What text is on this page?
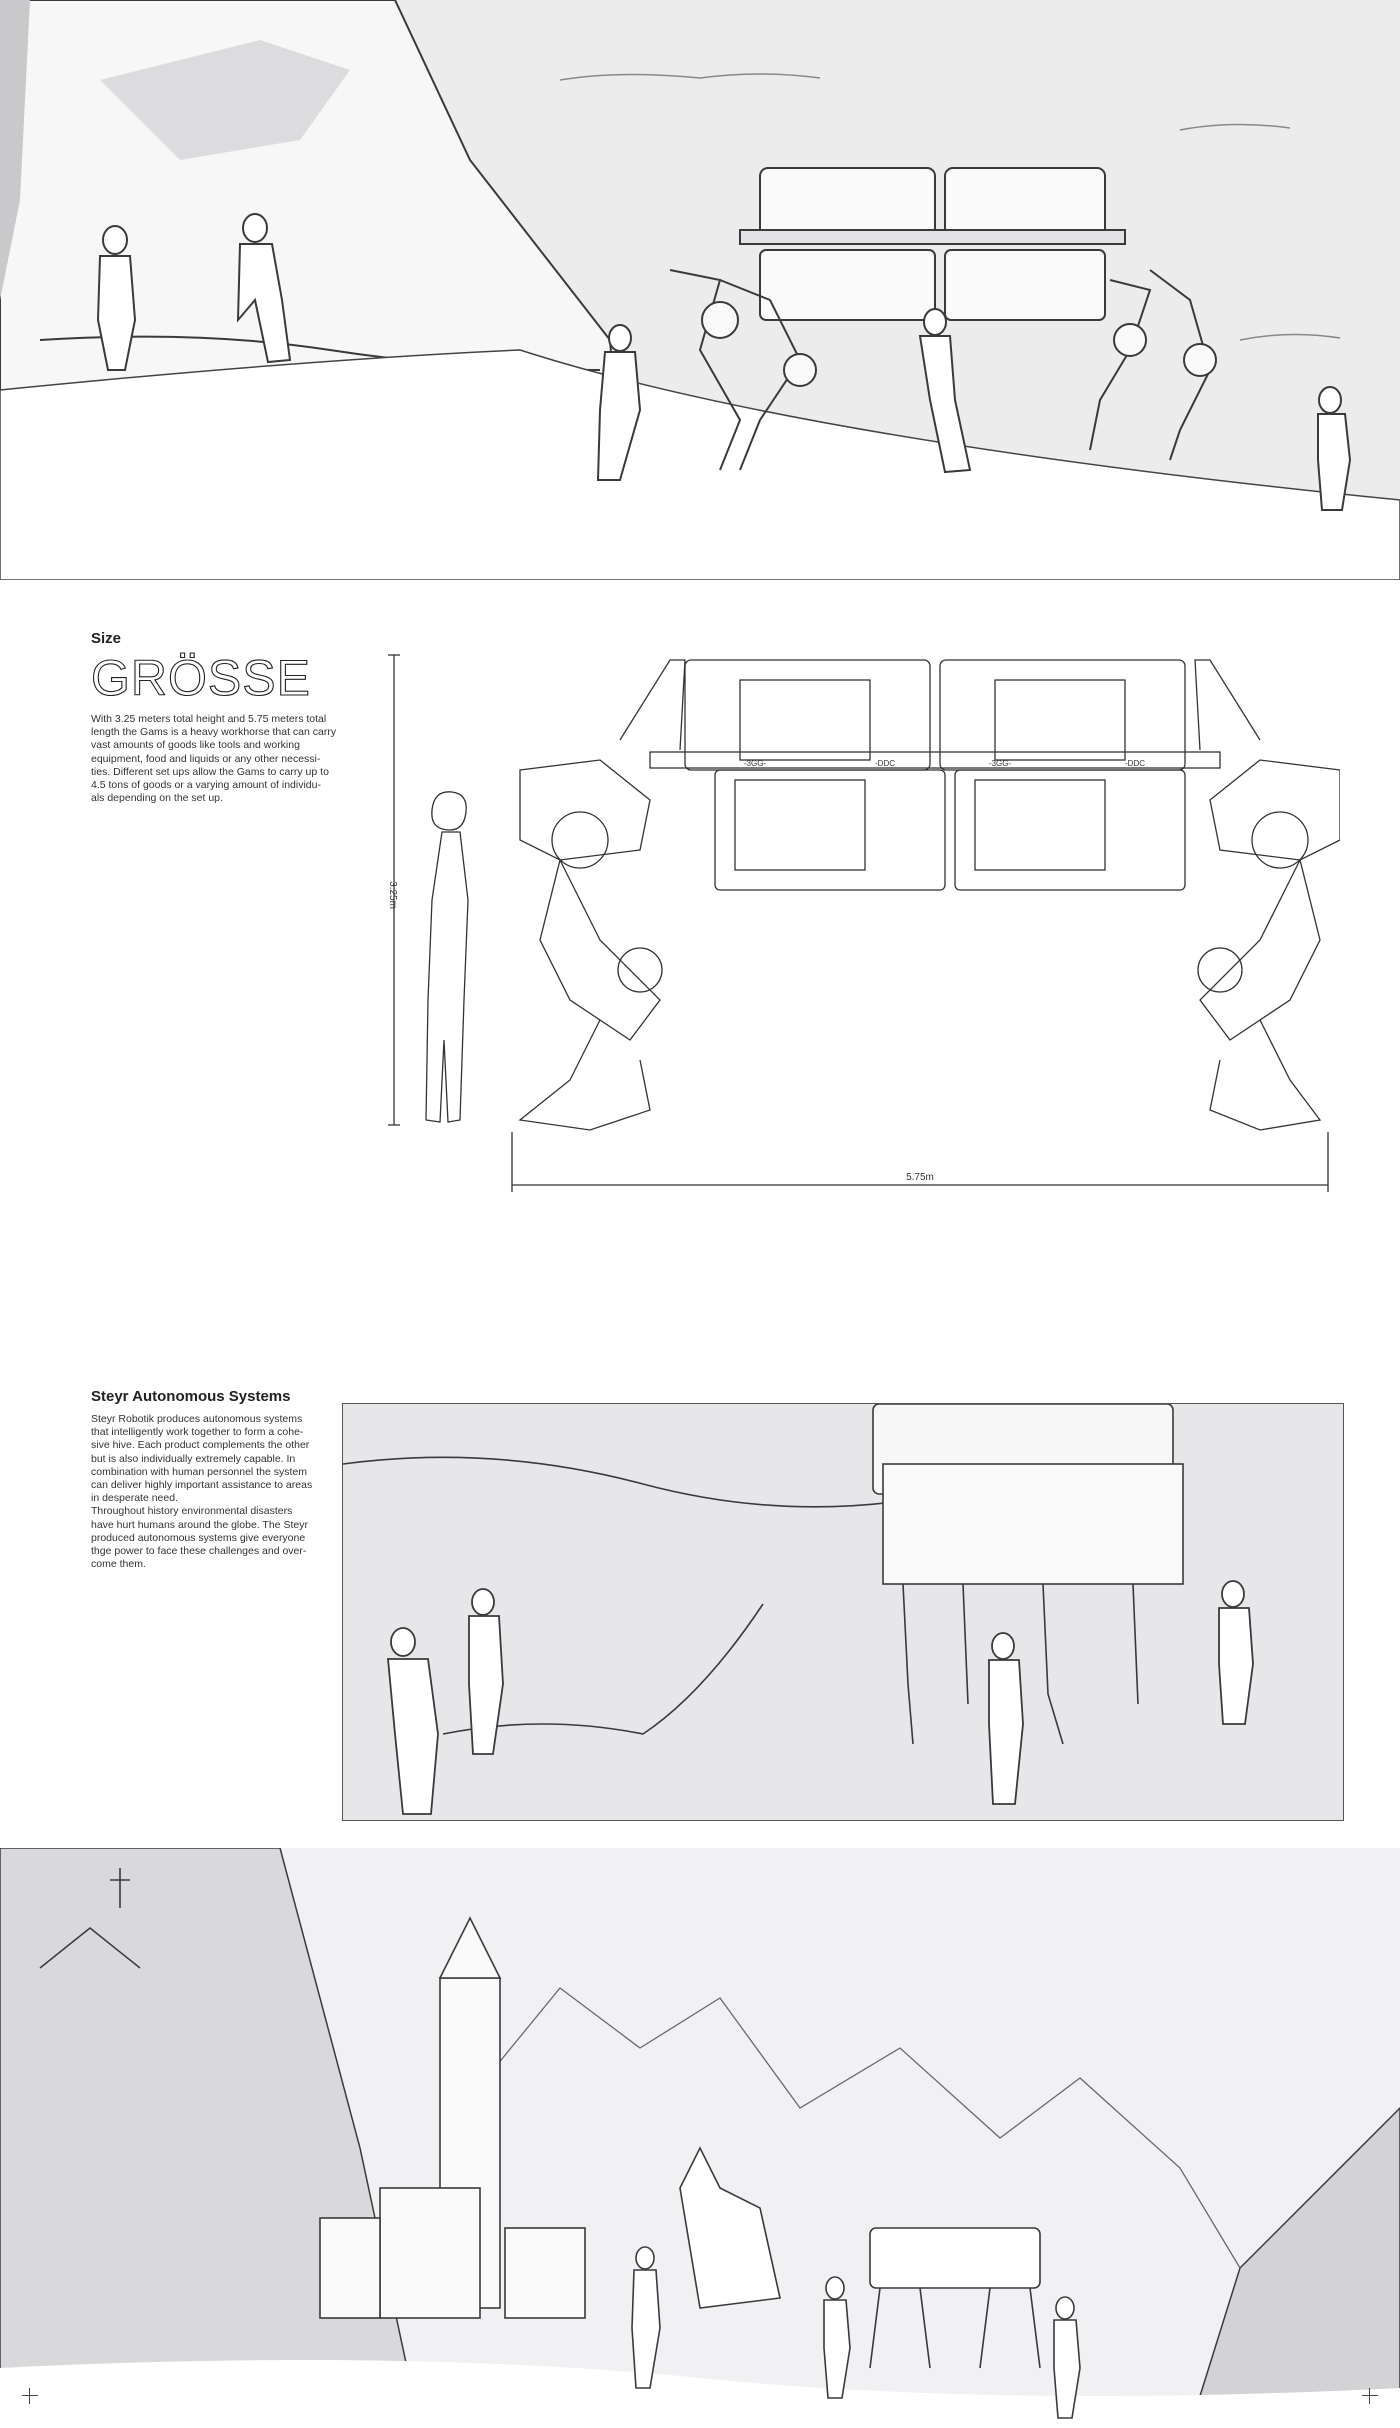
Size

GRÖSSE

With 3.25 meters total height and 5.75 meters total
length the Gams is a heavy workhorse that can carry
vast amounts of goods like tools and working
equipment, food and liquids or any other necessi-
ties. Different set ups allow the Gams to carry up to
4.5 tons of goods or a varying amount of individu-
als depending on the set up.

5.75m
3.25m
-3GG-	-DDC	-3GG-	-DDC

Steyr Autonomous Systems

Steyr Robotik produces autonomous systems
that intelligently work together to form a cohe-
sive hive. Each product complements the other
but is also individually extremely capable. In
combination with human personnel the system
can deliver highly important assistance to areas
in desperate need.
Throughout history environmental disasters
have hurt humans around the globe. The Steyr
produced autonomous systems give everyone
thge power to face these challenges and over-
come them.
